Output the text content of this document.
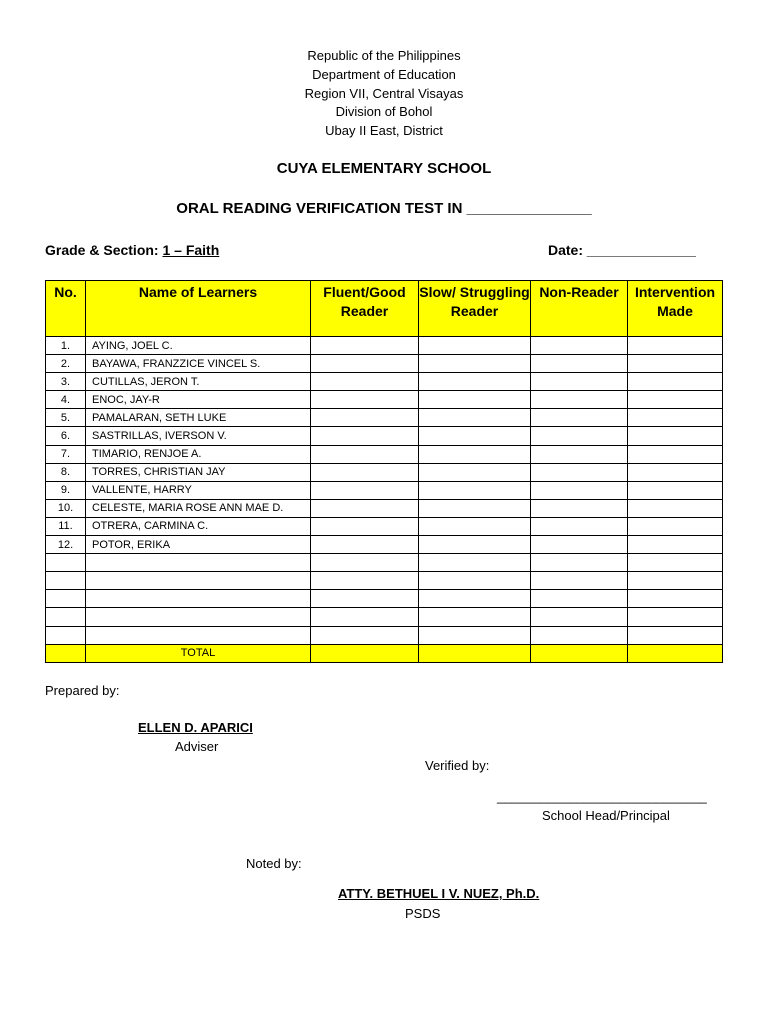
Republic of the Philippines
Department of Education
Region VII, Central Visayas
Division of Bohol
Ubay II East, District
CUYA ELEMENTARY SCHOOL
ORAL READING VERIFICATION TEST IN _______________
Grade & Section: 1 – Faith	Date: ______________
No.	Name of Learners	Fluent/Good Reader	Slow/ Struggling Reader	Non-Reader	Intervention Made
1.	AYING, JOEL C.				
2.	BAYAWA, FRANZZICE VINCEL S.				
3.	CUTILLAS, JERON T.				
4.	ENOC, JAY-R				
5.	PAMALARAN, SETH LUKE				
6.	SASTRILLAS, IVERSON V.				
7.	TIMARIO, RENJOE A.				
8.	TORRES, CHRISTIAN JAY				
9.	VALLENTE, HARRY				
10.	CELESTE, MARIA ROSE ANN MAE D.				
11.	OTRERA, CARMINA C.				
12.	POTOR, ERIKA				

	TOTAL				
Prepared by:
ELLEN D. APARICI
Adviser
Verified by:
_____________________________
School Head/Principal
Noted by:
ATTY. BETHUEL I V. NUEZ, Ph.D.
PSDS
